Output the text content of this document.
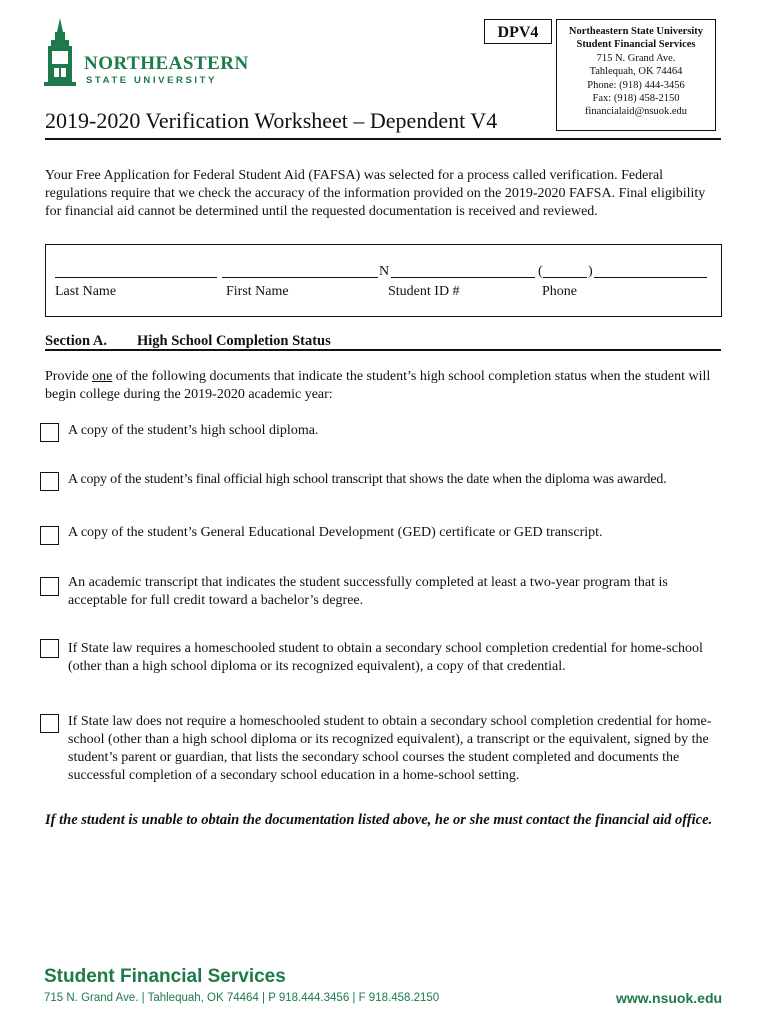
NORTHEASTERN
STATE UNIVERSITY
DPV4	Northeastern State University
Student Financial Services
715 N. Grand Ave.
Tahlequah, OK 74464
Phone: (918) 444-3456
Fax: (918) 458-2150
financialaid@nsuok.edu
2019-2020 Verification Worksheet – Dependent V4
Your Free Application for Federal Student Aid (FAFSA) was selected for a process called verification. Federal regulations require that we check the accuracy of the information provided on the 2019-2020 FAFSA. Final eligibility for financial aid cannot be determined until the requested documentation is received and reviewed.
N	(	)
Last Name	First Name	Student ID #	Phone
Section A. High School Completion Status
Provide one of the following documents that indicate the student’s high school completion status when the student will begin college during the 2019-2020 academic year:
A copy of the student’s high school diploma.
A copy of the student’s final official high school transcript that shows the date when the diploma was awarded.
A copy of the student’s General Educational Development (GED) certificate or GED transcript.
An academic transcript that indicates the student successfully completed at least a two-year program that is acceptable for full credit toward a bachelor’s degree.
If State law requires a homeschooled student to obtain a secondary school completion credential for home-school (other than a high school diploma or its recognized equivalent), a copy of that credential.
If State law does not require a homeschooled student to obtain a secondary school completion credential for home-school (other than a high school diploma or its recognized equivalent), a transcript or the equivalent, signed by the student’s parent or guardian, that lists the secondary school courses the student completed and documents the successful completion of a secondary school education in a home-school setting.
If the student is unable to obtain the documentation listed above, he or she must contact the financial aid office.
Student Financial Services
715 N. Grand Ave. | Tahlequah, OK 74464 | P 918.444.3456 | F 918.458.2150	www.nsuok.edu
